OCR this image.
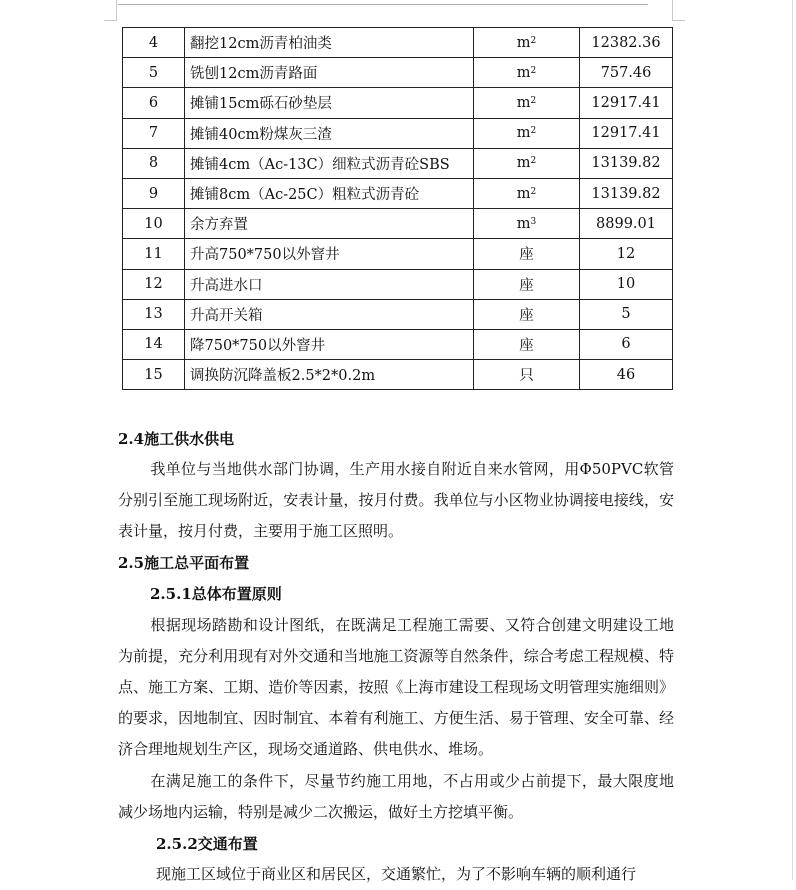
4	翻挖12cm沥青柏油类	$m^2$	12382.36
5	铣刨12cm沥青路面	$m^2$	757.46
6	摊铺15cm砾石砂垫层	$m^2$	12917.41
7	摊铺40cm粉煤灰三渣	$m^2$	12917.41
8	摊铺4cm（Ac-13C）细粒式沥青砼SBS	$m^2$	13139.82
9	摊铺8cm（Ac-25C）粗粒式沥青砼	$m^2$	13139.82
10	余方弃置	$m^3$	8899.01
11	升高750*750以外窨井	座	12
12	升高进水口	座	10
13	升高开关箱	座	5
14	降750*750以外窨井	座	6
15	调换防沉降盖板2.5*2*0.2m	只	46
2.4施工供水供电
我单位与当地供水部门协调，生产用水接自附近自来水管网，用Φ50PVC软管分别引至施工现场附近，安表计量，按月付费。我单位与小区物业协调接电接线，安表计量，按月付费，主要用于施工区照明。
2.5施工总平面布置
2.5.1总体布置原则
根据现场踏勘和设计图纸，在既满足工程施工需要、又符合创建文明建设工地为前提，充分利用现有对外交通和当地施工资源等自然条件，综合考虑工程规模、特点、施工方案、工期、造价等因素，按照《上海市建设工程现场文明管理实施细则》的要求，因地制宜、因时制宜、本着有利施工、方便生活、易于管理、安全可靠、经济合理地规划生产区，现场交通道路、供电供水、堆场。
在满足施工的条件下，尽量节约施工用地，不占用或少占前提下，最大限度地减少场地内运输，特别是减少二次搬运，做好土方挖填平衡。
2.5.2交通布置
现施工区域位于商业区和居民区，交通繁忙，为了不影响车辆的顺利通行
